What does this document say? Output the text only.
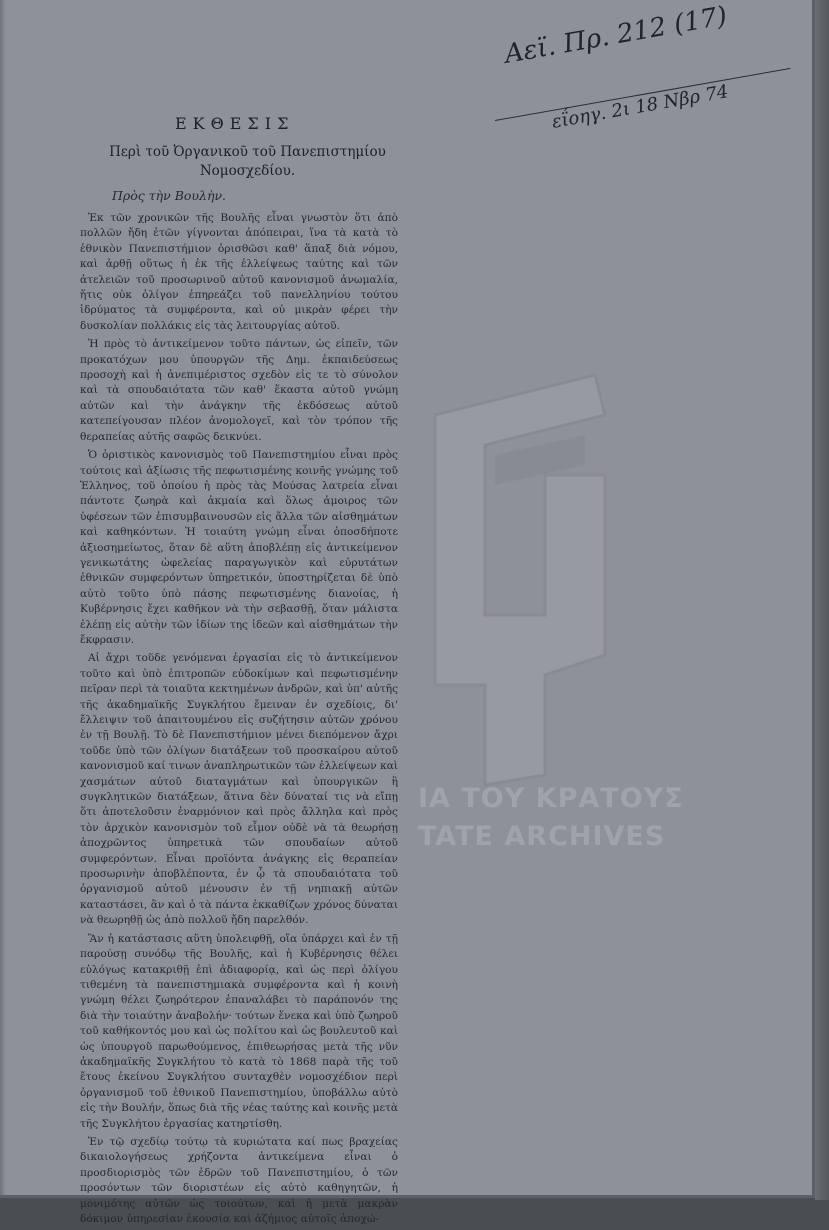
ΙΑ ΤΟΥ ΚΡΑΤΟΥΣ
TATE ARCHIVES
Αεϊ. Πρ. 212 (17)
εΐοηγ. 2ι 18 Νβρ 74
ΕΚΘΕΣΙΣ
Περὶ τοῦ Ὀργανικοῦ τοῦ Πανεπιστημίου
Νομοσχεδίου.
Πρὸς τὴν Βουλὴν.

Ἐκ τῶν χρονικῶν τῆς Βουλῆς εἶναι γνωστὸν ὅτι ἀπὸ πολλῶν ἤδη ἐτῶν γίγνονται ἀπόπειραι, ἵνα τὰ κατὰ τὸ ἐθνικὸν Πανεπιστήμιον ὁρισθῶσι καθ' ἅπαξ διὰ νόμου, καὶ ἀρθῇ οὕτως ἡ ἐκ τῆς ἐλλείψεως ταύτης καὶ τῶν ἀτελειῶν τοῦ προσωρινοῦ αὐτοῦ κανονισμοῦ ἀνωμαλία, ἥτις οὐκ ὀλίγον ἐπηρεάζει τοῦ πανελληνίου τούτου ἱδρύματος τὰ συμφέροντα, καὶ οὐ μικρὰν φέρει τὴν δυσκολίαν πολλάκις εἰς τὰς λειτουργίας αὐτοῦ.

Ἡ πρὸς τὸ ἀντικείμενον τοῦτο πάντων, ὡς εἰπεῖν, τῶν προκατόχων μου ὑπουργῶν τῆς Δημ. ἐκπαιδεύσεως προσοχὴ καὶ ἡ ἀνεπιμέριστος σχεδὸν εἰς τε τὸ σύνολον καὶ τὰ σπουδαιότατα τῶν καθ' ἕκαστα αὐτοῦ γνώμη αὐτῶν καὶ τὴν ἀνάγκην τῆς ἐκδόσεως αὐτοῦ κατεπείγουσαν πλέον ἀνομολογεῖ, καὶ τὸν τρόπον τῆς θεραπείας αὐτῆς σαφῶς δεικνύει.

Ὁ ὁριστικὸς κανονισμὸς τοῦ Πανεπιστημίου εἶναι πρὸς τούτοις καὶ ἀξίωσις τῆς πεφωτισμένης κοινῆς γνώμης τοῦ Ἑλληνος, τοῦ ὁποίου ἡ πρὸς τὰς Μούσας λατρεία εἶναι πάντοτε ζωηρὰ καὶ ἀκμαία καὶ ὅλως ἀμοιρος τῶν ὑφέσεων τῶν ἐπισυμβαινουσῶν εἰς ἄλλα τῶν αἰσθημάτων καὶ καθηκόντων. Ἡ τοιαύτη γνώμη εἶναι ὁποσδήποτε ἀξιοσημείωτος, ὅταν δὲ αὕτη ἀποβλέπῃ εἰς ἀντικείμενον γενικωτάτης ὠφελείας παραγωγικὸν καὶ εὐρυτάτων ἐθνικῶν συμφερόντων ὑπηρετικόν, ὑποστηρίζεται δὲ ὑπὸ αὐτὸ τοῦτο ὑπὸ πάσης πεφωτισμένης διανοίας, ἡ Κυβέρνησις ἔχει καθῆκον νὰ τὴν σεβασθῇ, ὅταν μάλιστα ἐλέπῃ εἰς αὐτὴν τῶν ἰδίων της ἰδεῶν καὶ αἰσθημάτων τὴν ἔκφρασιν.

Αἱ ἄχρι τοῦδε γενόμεναι ἐργασίαι εἰς τὸ ἀντικείμενον τοῦτο καὶ ὑπὸ ἐπιτροπῶν εὐδοκίμων καὶ πεφωτισμένην πεῖραν περὶ τὰ τοιαῦτα κεκτημένων ἀνδρῶν, καὶ ὑπ' αὐτῆς τῆς ἀκαδημαϊκῆς Συγκλήτου ἔμειναν ἐν σχεδίοις, δι' ἔλλειψιν τοῦ ἀπαιτουμένου εἰς συζήτησιν αὐτῶν χρόνου ἐν τῇ Βουλῇ. Τὸ δὲ Πανεπιστήμιον μένει διεπόμενον ἄχρι τοῦδε ὑπὸ τῶν ὀλίγων διατάξεων τοῦ προσκαίρου αὐτοῦ κανονισμοῦ καί τινων ἀναπληρωτικῶν τῶν ἐλλείψεων καὶ χασμάτων αὐτοῦ διαταγμάτων καὶ ὑπουργικῶν ἢ συγκλητικῶν διατάξεων, ἅτινα δὲν δύναταί τις νὰ εἴπῃ ὅτι ἀποτελοῦσιν ἐναρμόνιον καὶ πρὸς ἄλληλα καὶ πρὸς τὸν ἀρχικὸν κανονισμὸν τοῦ εἶμον οὐδὲ νὰ τὰ θεωρήσῃ ἀποχρῶντος ὑπηρετικὰ τῶν σπουδαίων αὐτοῦ συμφερόντων. Εἶναι προϊόντα ἀνάγκης εἰς θεραπείαν προσωρινὴν ἀποβλέποντα, ἐν ᾧ τὰ σπουδαιότατα τοῦ ὀργανισμοῦ αὐτοῦ μένουσιν ἐν τῇ νηπιακῇ αὐτῶν καταστάσει, ἂν καὶ ὁ τὰ πάντα ἐκκαθίζων χρόνος δύναται νὰ θεωρηθῇ ὡς ἀπὸ πολλοῦ ἤδη παρελθόν.

Ἂν ἡ κατάστασις αὕτη ὑπολειφθῇ, οἵα ὑπάρχει καὶ ἐν τῇ παρούσῃ συνόδῳ τῆς Βουλῆς, καὶ ἡ Κυβέρνησις θέλει εὐλόγως κατακριθῇ ἐπὶ ἀδιαφορίᾳ, καὶ ὡς περὶ ὀλίγου τιθεμένη τὰ πανεπιστημιακὰ συμφέροντα καὶ ἡ κοινὴ γνώμη θέλει ζωηρότερον ἐπαναλάβει τὸ παράπονόν της διὰ τὴν τοιαύτην ἀναβολήν· τούτων ἕνεκα καὶ ὑπὸ ζωηροῦ τοῦ καθήκοντός μου καὶ ὡς πολίτου καὶ ὡς βουλευτοῦ καὶ ὡς ὑπουργοῦ παρωθούμενος, ἐπιθεωρήσας μετὰ τῆς νῦν ἀκαδημαϊκῆς Συγκλήτου τὸ κατὰ τὸ 1868 παρὰ τῆς τοῦ ἔτους ἐκείνου Συγκλήτου συνταχθὲν νομοσχέδιον περὶ ὀργανισμοῦ τοῦ ἐθνικοῦ Πανεπιστημίου, ὑποβάλλω αὐτὸ εἰς τὴν Βουλήν, ὅπως διὰ τῆς νέας ταύτης καὶ κοινῆς μετὰ τῆς Συγκλήτου ἐργασίας κατηρτίσθη.

Ἐν τῷ σχεδίῳ τούτῳ τὰ κυριώτατα καί πως βραχείας δικαιολογήσεως χρήζοντα ἀντικείμενα εἶναι ὁ προσδιορισμὸς τῶν ἑδρῶν τοῦ Πανεπιστημίου, ὁ τῶν προσόντων τῶν διοριστέων εἰς αὐτὸ καθηγητῶν, ἡ μονιμότης αὐτῶν ὡς τοιούτων, καὶ ἡ μετὰ μακρὰν δόκιμον ὑπηρεσίαν ἑκουσία καὶ ἀζήμιος αὐτοῖς ἀποχώ-
